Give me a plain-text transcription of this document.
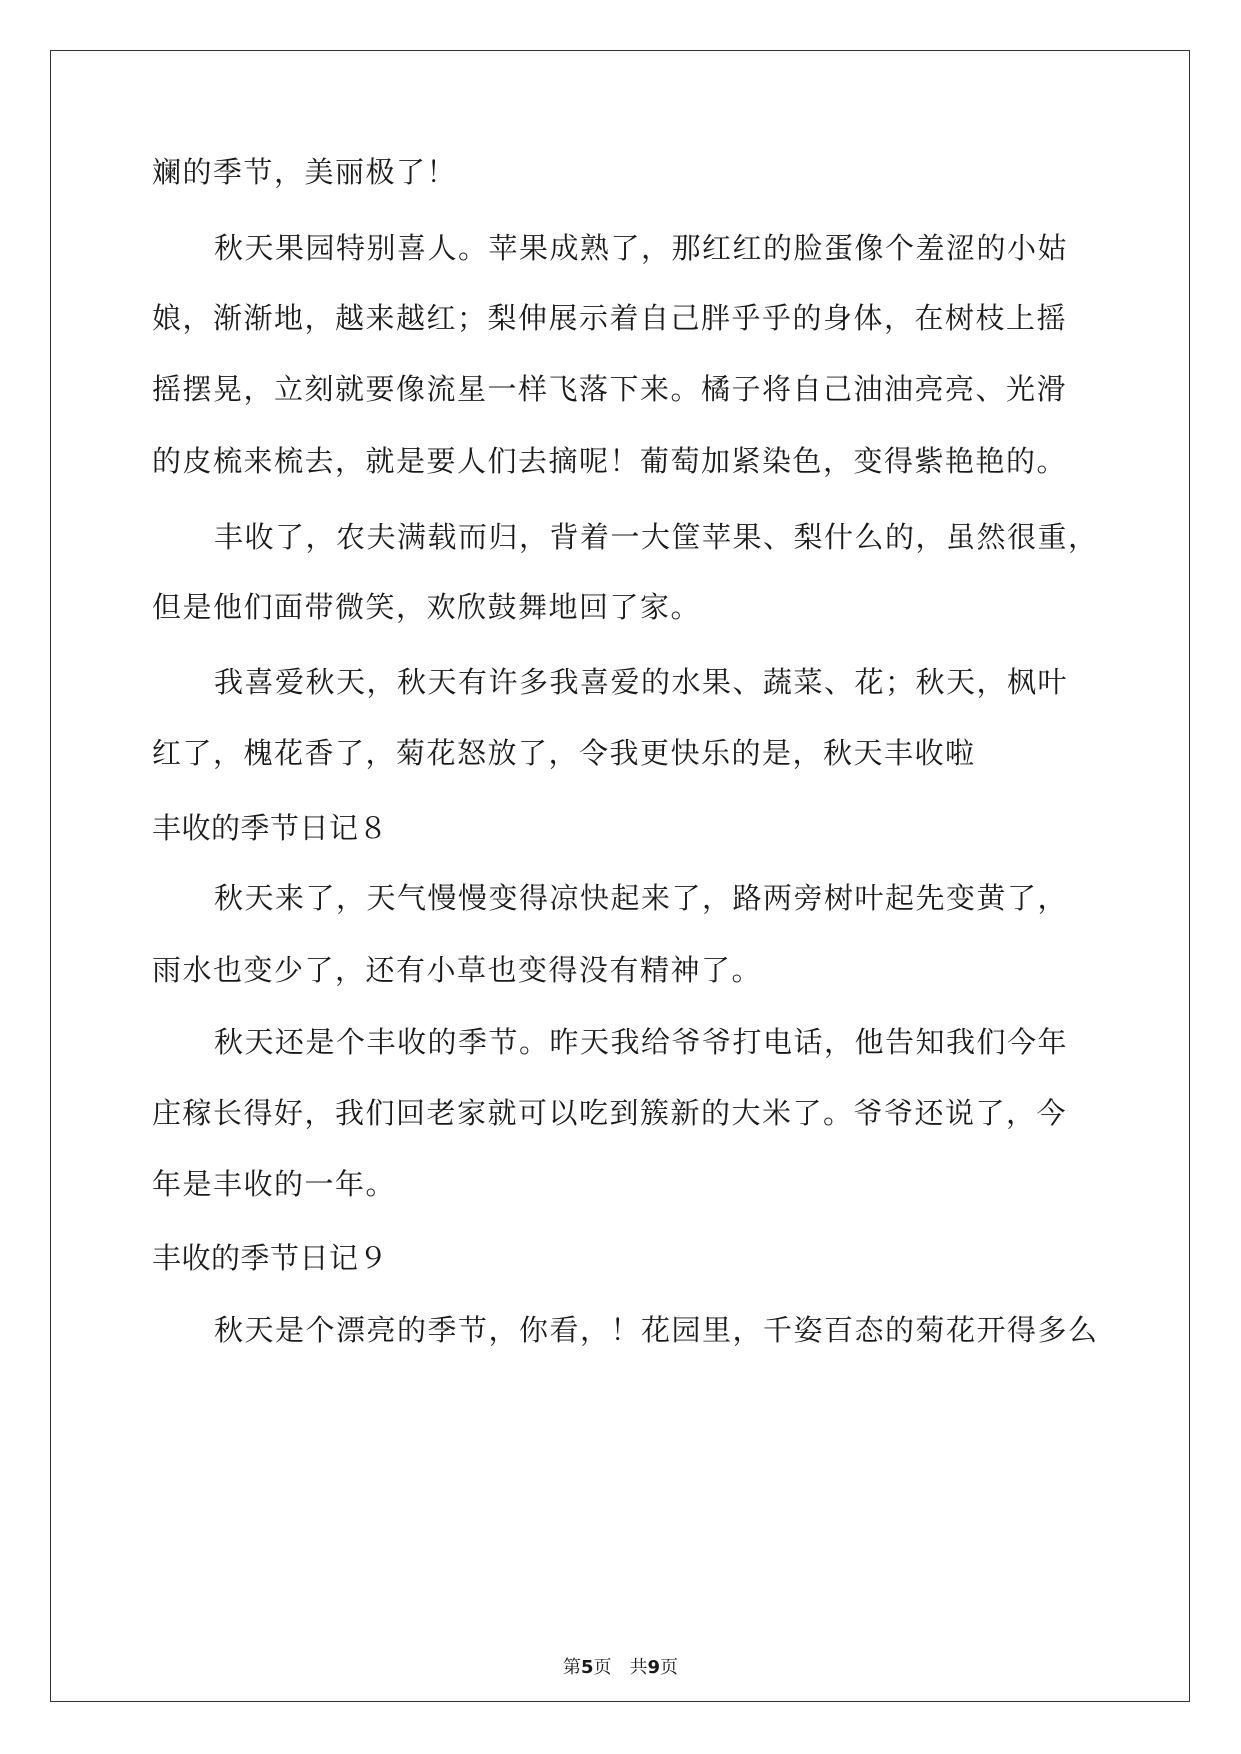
斓的季节，美丽极了！
秋天果园特别喜人。苹果成熟了，那红红的脸蛋像个羞涩的小姑
娘，渐渐地，越来越红；梨伸展示着自己胖乎乎的身体，在树枝上摇
摇摆晃，立刻就要像流星一样飞落下来。橘子将自己油油亮亮、光滑
的皮梳来梳去，就是要人们去摘呢！葡萄加紧染色，变得紫艳艳的。
丰收了，农夫满载而归，背着一大筐苹果、梨什么的，虽然很重，
但是他们面带微笑，欢欣鼓舞地回了家。
我喜爱秋天，秋天有许多我喜爱的水果、蔬菜、花；秋天，枫叶
红了，槐花香了，菊花怒放了，令我更快乐的是，秋天丰收啦
丰收的季节日记８
秋天来了，天气慢慢变得凉快起来了，路两旁树叶起先变黄了，
雨水也变少了，还有小草也变得没有精神了。
秋天还是个丰收的季节。昨天我给爷爷打电话，他告知我们今年
庄稼长得好，我们回老家就可以吃到簇新的大米了。爷爷还说了，今
年是丰收的一年。
丰收的季节日记９
秋天是个漂亮的季节，你看，！花园里，千姿百态的菊花开得多么
第5页 共9页
